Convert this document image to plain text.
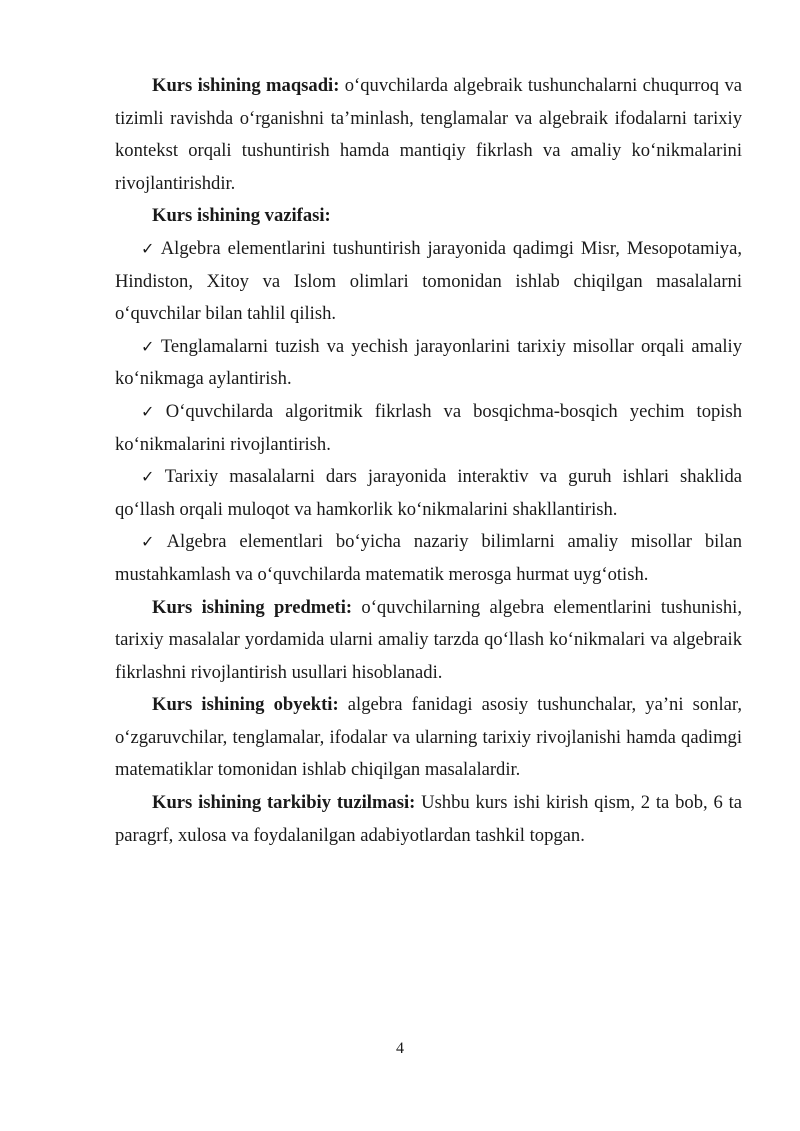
Kurs ishining maqsadi: o‘quvchilarda algebraik tushunchalarni chuqurroq va tizimli ravishda o‘rganishni ta’minlash, tenglamalar va algebraik ifodalarni tarixiy kontekst orqali tushuntirish hamda mantiqiy fikrlash va amaliy ko‘nikmalarini rivojlantirishdir.

Kurs ishining vazifasi:

✓ Algebra elementlarini tushuntirish jarayonida qadimgi Misr, Mesopotamiya, Hindiston, Xitoy va Islom olimlari tomonidan ishlab chiqilgan masalalarni o‘quvchilar bilan tahlil qilish.

✓ Tenglamalarni tuzish va yechish jarayonlarini tarixiy misollar orqali amaliy ko‘nikmaga aylantirish.

✓ O‘quvchilarda algoritmik fikrlash va bosqichma-bosqich yechim topish ko‘nikmalarini rivojlantirish.

✓ Tarixiy masalalarni dars jarayonida interaktiv va guruh ishlari shaklida qo‘llash orqali muloqot va hamkorlik ko‘nikmalarini shakllantirish.

✓ Algebra elementlari bo‘yicha nazariy bilimlarni amaliy misollar bilan mustahkamlash va o‘quvchilarda matematik merosga hurmat uyg‘otish.

Kurs ishining predmeti: o‘quvchilarning algebra elementlarini tushunishi, tarixiy masalalar yordamida ularni amaliy tarzda qo‘llash ko‘nikmalari va algebraik fikrlashni rivojlantirish usullari hisoblanadi.

Kurs ishining obyekti: algebra fanidagi asosiy tushunchalar, ya’ni sonlar, o‘zgaruvchilar, tenglamalar, ifodalar va ularning tarixiy rivojlanishi hamda qadimgi matematiklar tomonidan ishlab chiqilgan masalalardir.

Kurs ishining tarkibiy tuzilmasi: Ushbu kurs ishi kirish qism, 2 ta bob, 6 ta paragrf, xulosa va foydalanilgan adabiyotlardan tashkil topgan.

4
